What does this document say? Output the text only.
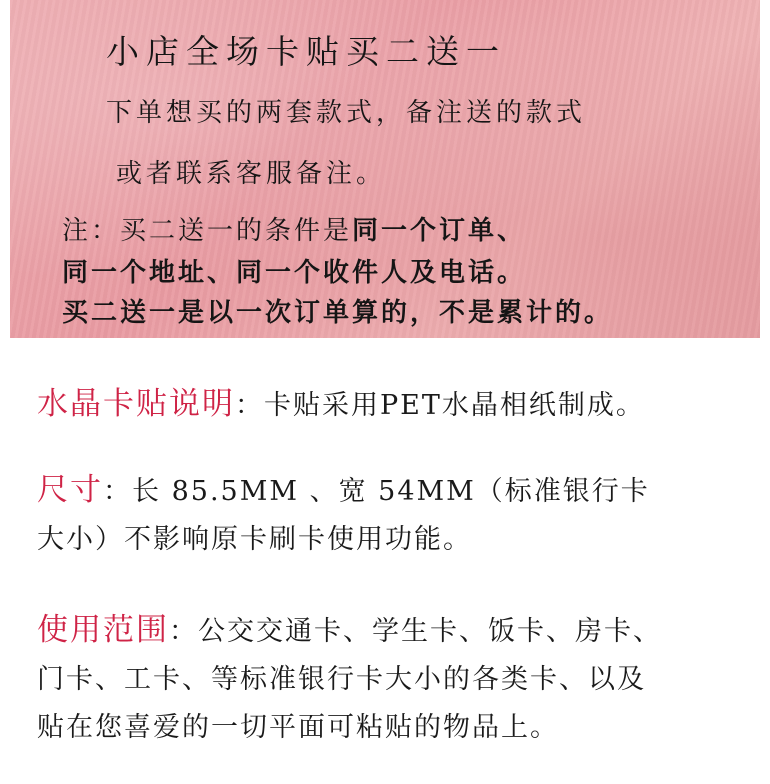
小店全场卡贴买二送一
下单想买的两套款式，备注送的款式
或者联系客服备注。
注：买二送一的条件是同一个订单、
同一个地址、同一个收件人及电话。
买二送一是以一次订单算的，不是累计的。

水晶卡贴说明：卡贴采用PET水晶相纸制成。

尺寸：长 85.5MM 、宽 54MM（标准银行卡

大小）不影响原卡刷卡使用功能。

使用范围：公交交通卡、学生卡、饭卡、房卡、

门卡、工卡、等标准银行卡大小的各类卡、以及

贴在您喜爱的一切平面可粘贴的物品上。
